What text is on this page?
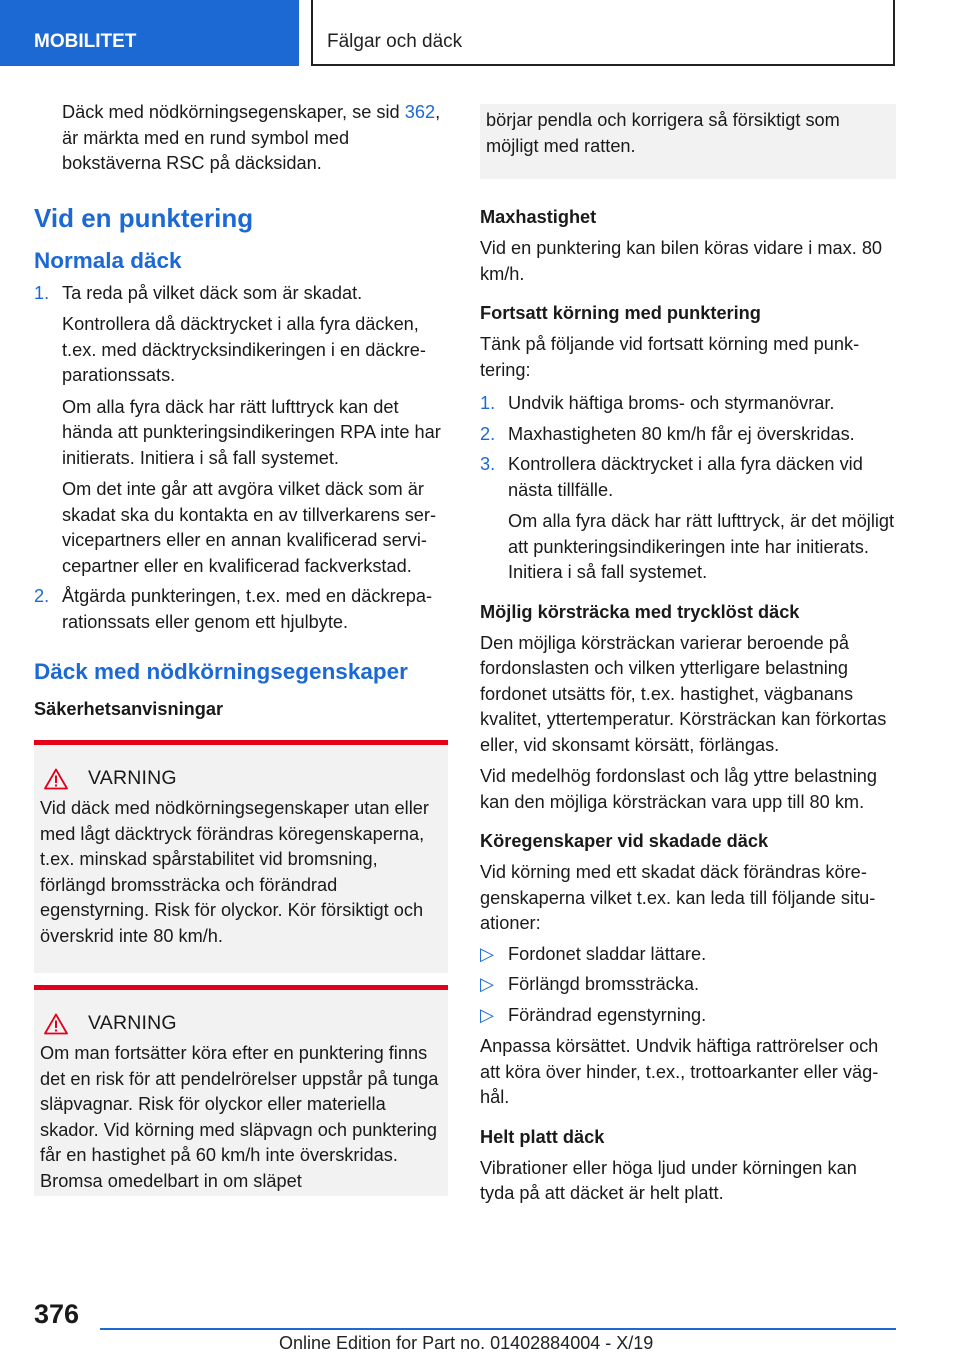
MOBILITET	Fälgar och däck

Däck med nödkörningsegenskaper, se sid 362, är märkta med en rund symbol med bokstäverna RSC på däcksidan.

Vid en punktering
Normala däck
1. Ta reda på vilket däck som är skadat.
Kontrollera då däcktrycket i alla fyra däcken, t.ex. med däcktrycksindikeringen i en däckreparationssats.
Om alla fyra däck har rätt lufttryck kan det hända att punkteringsindikeringen RPA inte har initierats. Initiera i så fall systemet.
Om det inte går att avgöra vilket däck som är skadat ska du kontakta en av tillverkarens servicepartners eller en annan kvalificerad servicepartner eller en kvalificerad fackverkstad.
2. Åtgärda punkteringen, t.ex. med en däckreparationssats eller genom ett hjulbyte.
Däck med nödkörningsegenskaper
Säkerhetsanvisningar
VARNING

Vid däck med nödkörningsegenskaper utan eller med lågt däcktryck förändras köregenskaperna, t.ex. minskad spårstabilitet vid bromsning, förlängd bromssträcka och förändrad egenstyrning. Risk för olyckor. Kör försiktigt och överskrid inte 80 km/h.

VARNING

Om man fortsätter köra efter en punktering finns det en risk för att pendelrörelser uppstår på tunga släpvagnar. Risk för olyckor eller materiella skador. Vid körning med släpvagn och punktering får en hastighet på 60 km/h inte överskridas. Bromsa omedelbart in om släpet

börjar pendla och korrigera så försiktigt som möjligt med ratten.

Maxhastighet

Vid en punktering kan bilen köras vidare i max. 80 km/h.

Fortsatt körning med punktering

Tänk på följande vid fortsatt körning med punktering:

1. Undvik häftiga broms- och styrmanövrar.
2. Maxhastigheten 80 km/h får ej överskridas.
3. Kontrollera däcktrycket i alla fyra däcken vid nästa tillfälle.
Om alla fyra däck har rätt lufttryck, är det möjligt att punkteringsindikeringen inte har initierats. Initiera i så fall systemet.
Möjlig körsträcka med trycklöst däck

Den möjliga körsträckan varierar beroende på fordonslasten och vilken ytterligare belastning fordonet utsätts för, t.ex. hastighet, vägbanans kvalitet, yttertemperatur. Körsträckan kan förkortas eller, vid skonsamt körsätt, förlängas.

Vid medelhög fordonslast och låg yttre belastning kan den möjliga körsträckan vara upp till 80 km.

Köregenskaper vid skadade däck

Vid körning med ett skadat däck förändras köregenskaperna vilket t.ex. kan leda till följande situationer:

▷ Fordonet sladdar lättare.
▷ Förlängd bromssträcka.
▷ Förändrad egenstyrning.

Anpassa körsättet. Undvik häftiga rattrörelser och att köra över hinder, t.ex., trottoarkanter eller väghål.

Helt platt däck

Vibrationer eller höga ljud under körningen kan tyda på att däcket är helt platt.

376
Online Edition for Part no. 01402884004 - X/19
